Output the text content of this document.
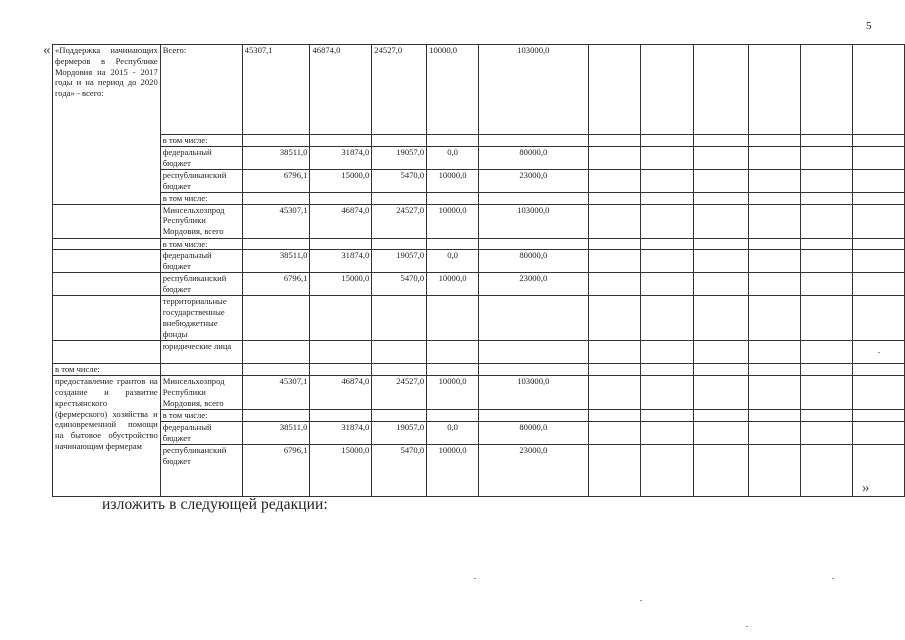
5
«
»
«Поддержка начинающих фермеров в Республике Мордовия на 2015 - 2017 годы и на период до 2020 года» - всего:	Всего:	45307,1	46874,0	24527,0	10000,0	103000,0						
	в том числе:											
	федеральный бюджет	38511,0	31874,0	19057,0	0,0	80000,0						
	республиканский бюджет	6796,1	15000,0	5470,0	10000,0	23000,0						
	в том числе:											
	Минсельхозпрод Республики Мордовия, всего	45307,1	46874,0	24527,0	10000,0	103000,0						
	в том числе:											
	федеральный бюджет	38511,0	31874,0	19057,0	0,0	80000,0						
	республиканский бюджет	6796,1	15000,0	5470,0	10000,0	23000,0						
	территориальные государственные внебюджетные фонды											
	юридические лица											
в том числе:												
предоставление грантов на создание и развитие крестьянского (фермерского) хозяйства и единовременной помощи на бытовое обустройство начинающим фермерам	Минсельхозпрод Республики Мордовия, всего	45307,1	46874,0	24527,0	10000,0	103000,0						
	в том числе:											
	федеральный бюджет	38511,0	31874,0	19057,0	0,0	80000,0						
	республиканский бюджет	6796,1	15000,0	5470,0	10000,0	23000,0						
изложить в следующей редакции:
